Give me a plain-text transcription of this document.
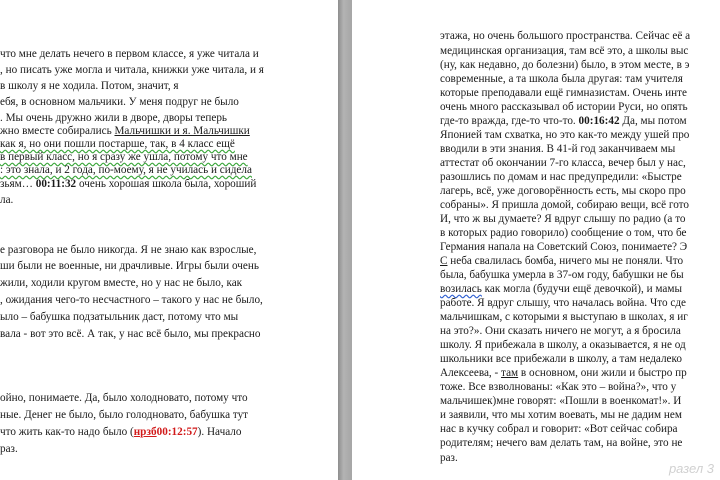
что мне делать нечего в первом классе, я уже читала и
, но писать уже могла и читала, книжки уже читала, и я
в школу я не ходила. Потом, значит, я
ебя, в основном мальчики. У меня подруг не было
. Мы очень дружно жили в дворе, дворы теперь
жно вместе собирались Мальчишки и я. Мальчишки
как я, но они пошли постарше, так, в 4 класс ещё
в первый класс, но я сразу же ушла, потому что мне
: это знала, и 2 года, по-моему, я не училась и сидела
зьям… 00:11:32 очень хорошая школа была, хороший
ла.
е разговора не было никогда. Я не знаю как взрослые,
ши были не военные, ни драчливые. Игры были очень
жили, ходили кругом вместе, но у нас не было, как
, ожидания чего-то несчастного – такого у нас не было,
ыло – бабушка подзатыльник даст, потому что мы
вала - вот это всё. А так, у нас всё было, мы прекрасно
ойно, понимаете. Да, было холодновато, потому что
ные. Денег не было, было голодновато, бабушка тут
что жить как-то надо было (нрзб00:12:57). Начало
раз.
этажа, но очень большого пространства. Сейчас её а
медицинская организация, там всё это, а школы выс
(ну, как недавно, до болезни) было, в этом месте, в э
современные, а та школа была другая: там учителя
которые преподавали ещё гимназистам. Очень инте
очень много рассказывал об истории Руси, но опять
где-то вражда, где-то что-то. 00:16:42 Да, мы потом
Японией там схватка, но это как-то между ушей про
вводили в эти знания. В 41-й год заканчиваем мы
аттестат об окончании 7-го класса, вечер был у нас,
разошлись по домам и нас предупредили: «Быстре
лагерь, всё, уже договорённость есть, мы скоро про
собраны». Я пришла домой, собираю вещи, всё гото
И, что ж вы думаете? Я вдруг слышу по радио (а то
в которых радио говорило) сообщение о том, что бе
Германия напала на Советский Союз, понимаете? Э
С неба свалилась бомба, ничего мы не поняли. Что
была, бабушка умерла в 37-ом году, бабушки не бы
возилась как могла (будучи ещё девочкой), и мамы
работе. Я вдруг слышу, что началась война. Что сде
мальчишкам, с которыми я выступаю в школах, я иг
на это?». Они сказать ничего не могут, а я бросила
школу. Я прибежала в школу, а оказывается, я не од
школьники все прибежали в школу, а там недалеко
Алексеева, - там в основном, они жили и быстро пр
тоже. Все взволнованы: «Как это – война?», что у
мальчишек)мне говорят: «Пошли в военкомат!». И
и заявили, что мы хотим воевать, мы не дадим нем
нас в кучку собрал и говорит: «Вот сейчас собира
родителям; нечего вам делать там, на войне, это не
раз.
разел 3
